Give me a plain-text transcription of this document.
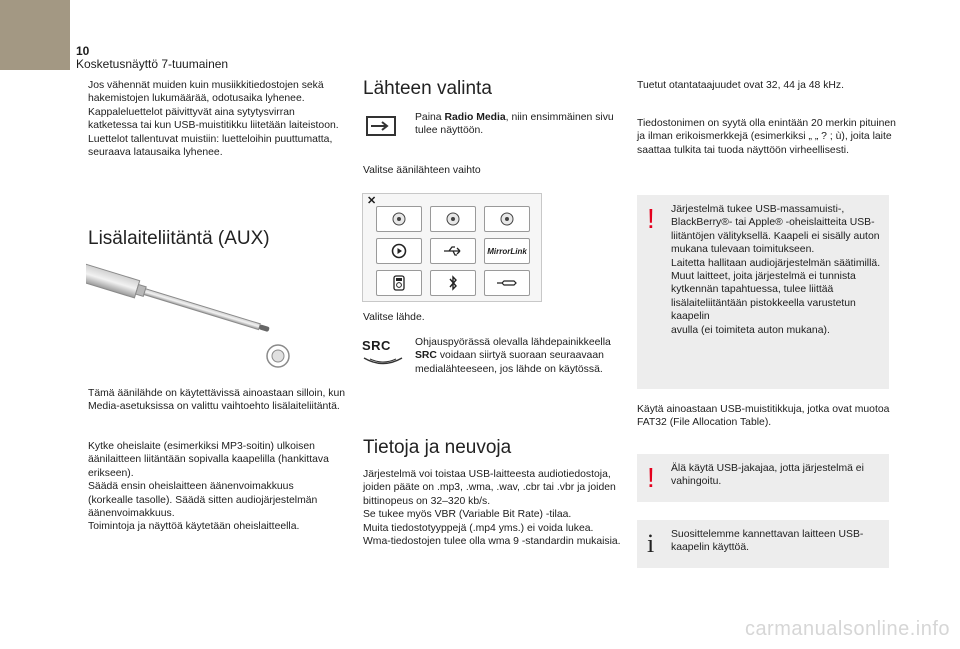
10
Kosketusnäyttö 7-tuumainen
Jos vähennät muiden kuin musiikkitiedostojen sekä
hakemistojen lukumäärää, odotusaika lyhenee.
Kappaleluettelot päivittyvät aina sytytysvirran
katketessa tai kun USB-muistitikku liitetään laiteistoon.
Luettelot tallentuvat muistiin: luetteloihin puuttumatta,
seuraava latausaika lyhenee.
Lisälaiteliitäntä (AUX)
Tämä äänilähde on käytettävissä ainoastaan silloin, kun
Media-asetuksissa on valittu vaihtoehto lisälaiteliitäntä.
Kytke oheislaite (esimerkiksi MP3-soitin) ulkoisen
äänilaitteen liitäntään sopivalla kaapelilla (hankittava
erikseen).
Säädä ensin oheislaitteen äänenvoimakkuus
(korkealle tasolle). Säädä sitten audiojärjestelmän
äänenvoimakkuus.
Toimintoja ja näyttöä käytetään oheislaitteella.
Lähteen valinta
Paina Radio Media, niin ensimmäinen sivu
tulee näyttöön.
Valitse äänilähteen vaihto
✕
MirrorLink
Valitse lähde.
SRC	Ohjauspyörässä olevalla lähdepainikkeella
SRC voidaan siirtyä suoraan seuraavaan
medialähteeseen, jos lähde on käytössä.
Tietoja ja neuvoja
Järjestelmä voi toistaa USB-laitteesta audiotiedostoja,
joiden pääte on .mp3, .wma, .wav, .cbr tai .vbr ja joiden
bittinopeus on 32–320 kb/s.
Se tukee myös VBR (Variable Bit Rate) -tilaa.
Muita tiedostotyyppejä (.mp4 yms.) ei voida lukea.
Wma-tiedostojen tulee olla wma 9 -standardin mukaisia.
Tuetut otantataajuudet ovat 32, 44 ja 48 kHz.
Tiedostonimen on syytä olla enintään 20 merkin pituinen
ja ilman erikoismerkkejä (esimerkiksi „ „ ? ; ù), joita laite
saattaa tulkita tai tuoda näyttöön virheellisesti.
! Järjestelmä tukee USB-massamuisti-,
BlackBerry®- tai Apple® -oheislaitteita USB-
liitäntöjen välityksellä. Kaapeli ei sisälly auton
mukana tulevaan toimitukseen.
Laitetta hallitaan audiojärjestelmän säätimillä.
Muut laitteet, joita järjestelmä ei tunnista
kytkennän tapahtuessa, tulee liittää
lisälaiteliitäntään pistokkeella varustetun kaapelin
avulla (ei toimiteta auton mukana).
Käytä ainoastaan USB-muistitikkuja, jotka ovat muotoa
FAT32 (File Allocation Table).
! Älä käytä USB-jakajaa, jotta järjestelmä ei
vahingoitu.
i Suosittelemme kannettavan laitteen USB-
kaapelin käyttöä.
carmanualsonline.info
